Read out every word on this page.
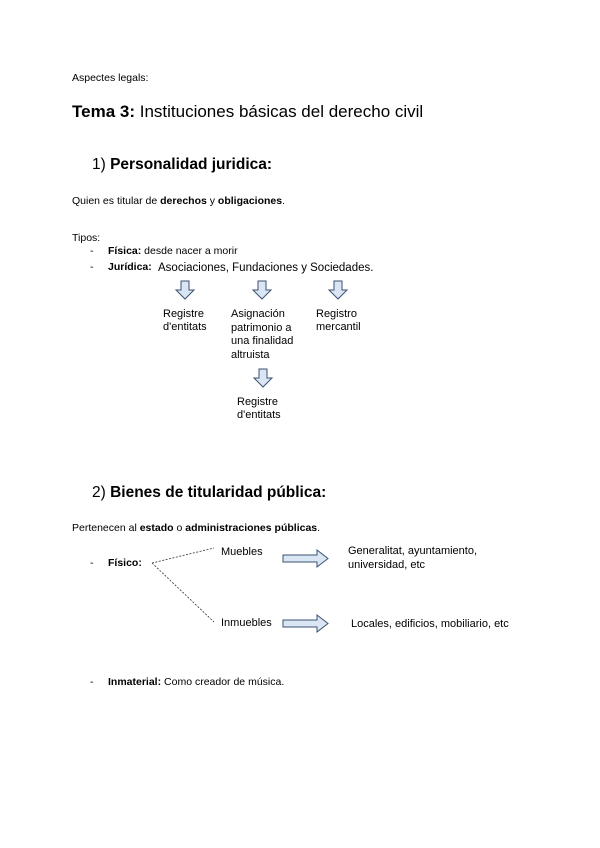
Aspectes legals:
Tema 3: Instituciones básicas del derecho civil
1) Personalidad juridica:
Quien es titular de derechos y obligaciones.
Tipos:
- Física: desde nacer a morir
- Jurídica: Asociaciones, Fundaciones y Sociedades.
Registre
d'entitats
Asignación
patrimonio a
una finalidad
altruista
Registre
d'entitats
Registro
mercantil
2) Bienes de titularidad pública:
Pertenecen al estado o administraciones públicas.
- Físico:
Muebles	Generalitat, ayuntamiento,
universidad, etc
Inmuebles	Locales, edificios, mobiliario, etc
- Inmaterial: Como creador de música.
